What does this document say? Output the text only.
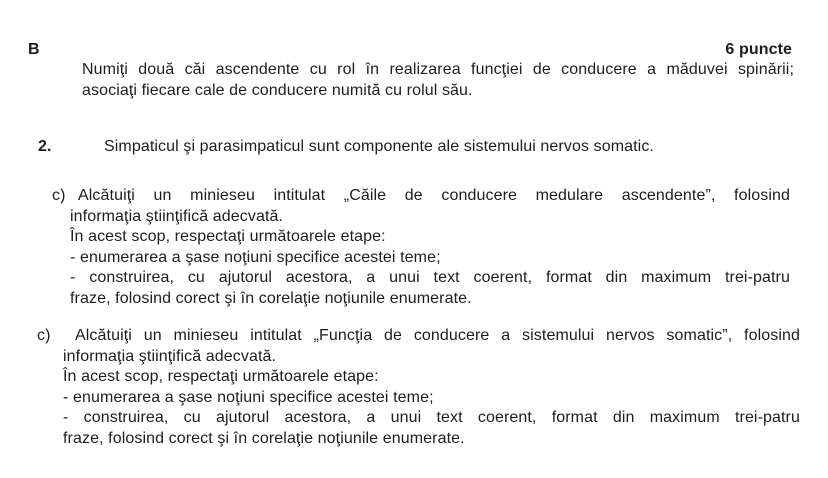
B	6 puncte
Numiţi două căi ascendente cu rol în realizarea funcţiei de conducere a măduvei spinării;
asociaţi fiecare cale de conducere numită cu rolul său.
2.	Simpaticul şi parasimpaticul sunt componente ale sistemului nervos somatic.
c) Alcătuiţi un minieseu intitulat „Căile de conducere medulare ascendente”, folosind
informaţia ştiinţifică adecvată.
În acest scop, respectaţi următoarele etape:
- enumerarea a şase noţiuni specifice acestei teme;
- construirea, cu ajutorul acestora, a unui text coerent, format din maximum trei-patru
fraze, folosind corect şi în corelaţie noţiunile enumerate.
c)	Alcătuiţi un minieseu intitulat „Funcţia de conducere a sistemului nervos somatic”, folosind
informaţia ştiinţifică adecvată.
În acest scop, respectaţi următoarele etape:
- enumerarea a şase noţiuni specifice acestei teme;
- construirea, cu ajutorul acestora, a unui text coerent, format din maximum trei-patru
fraze, folosind corect şi în corelaţie noţiunile enumerate.
